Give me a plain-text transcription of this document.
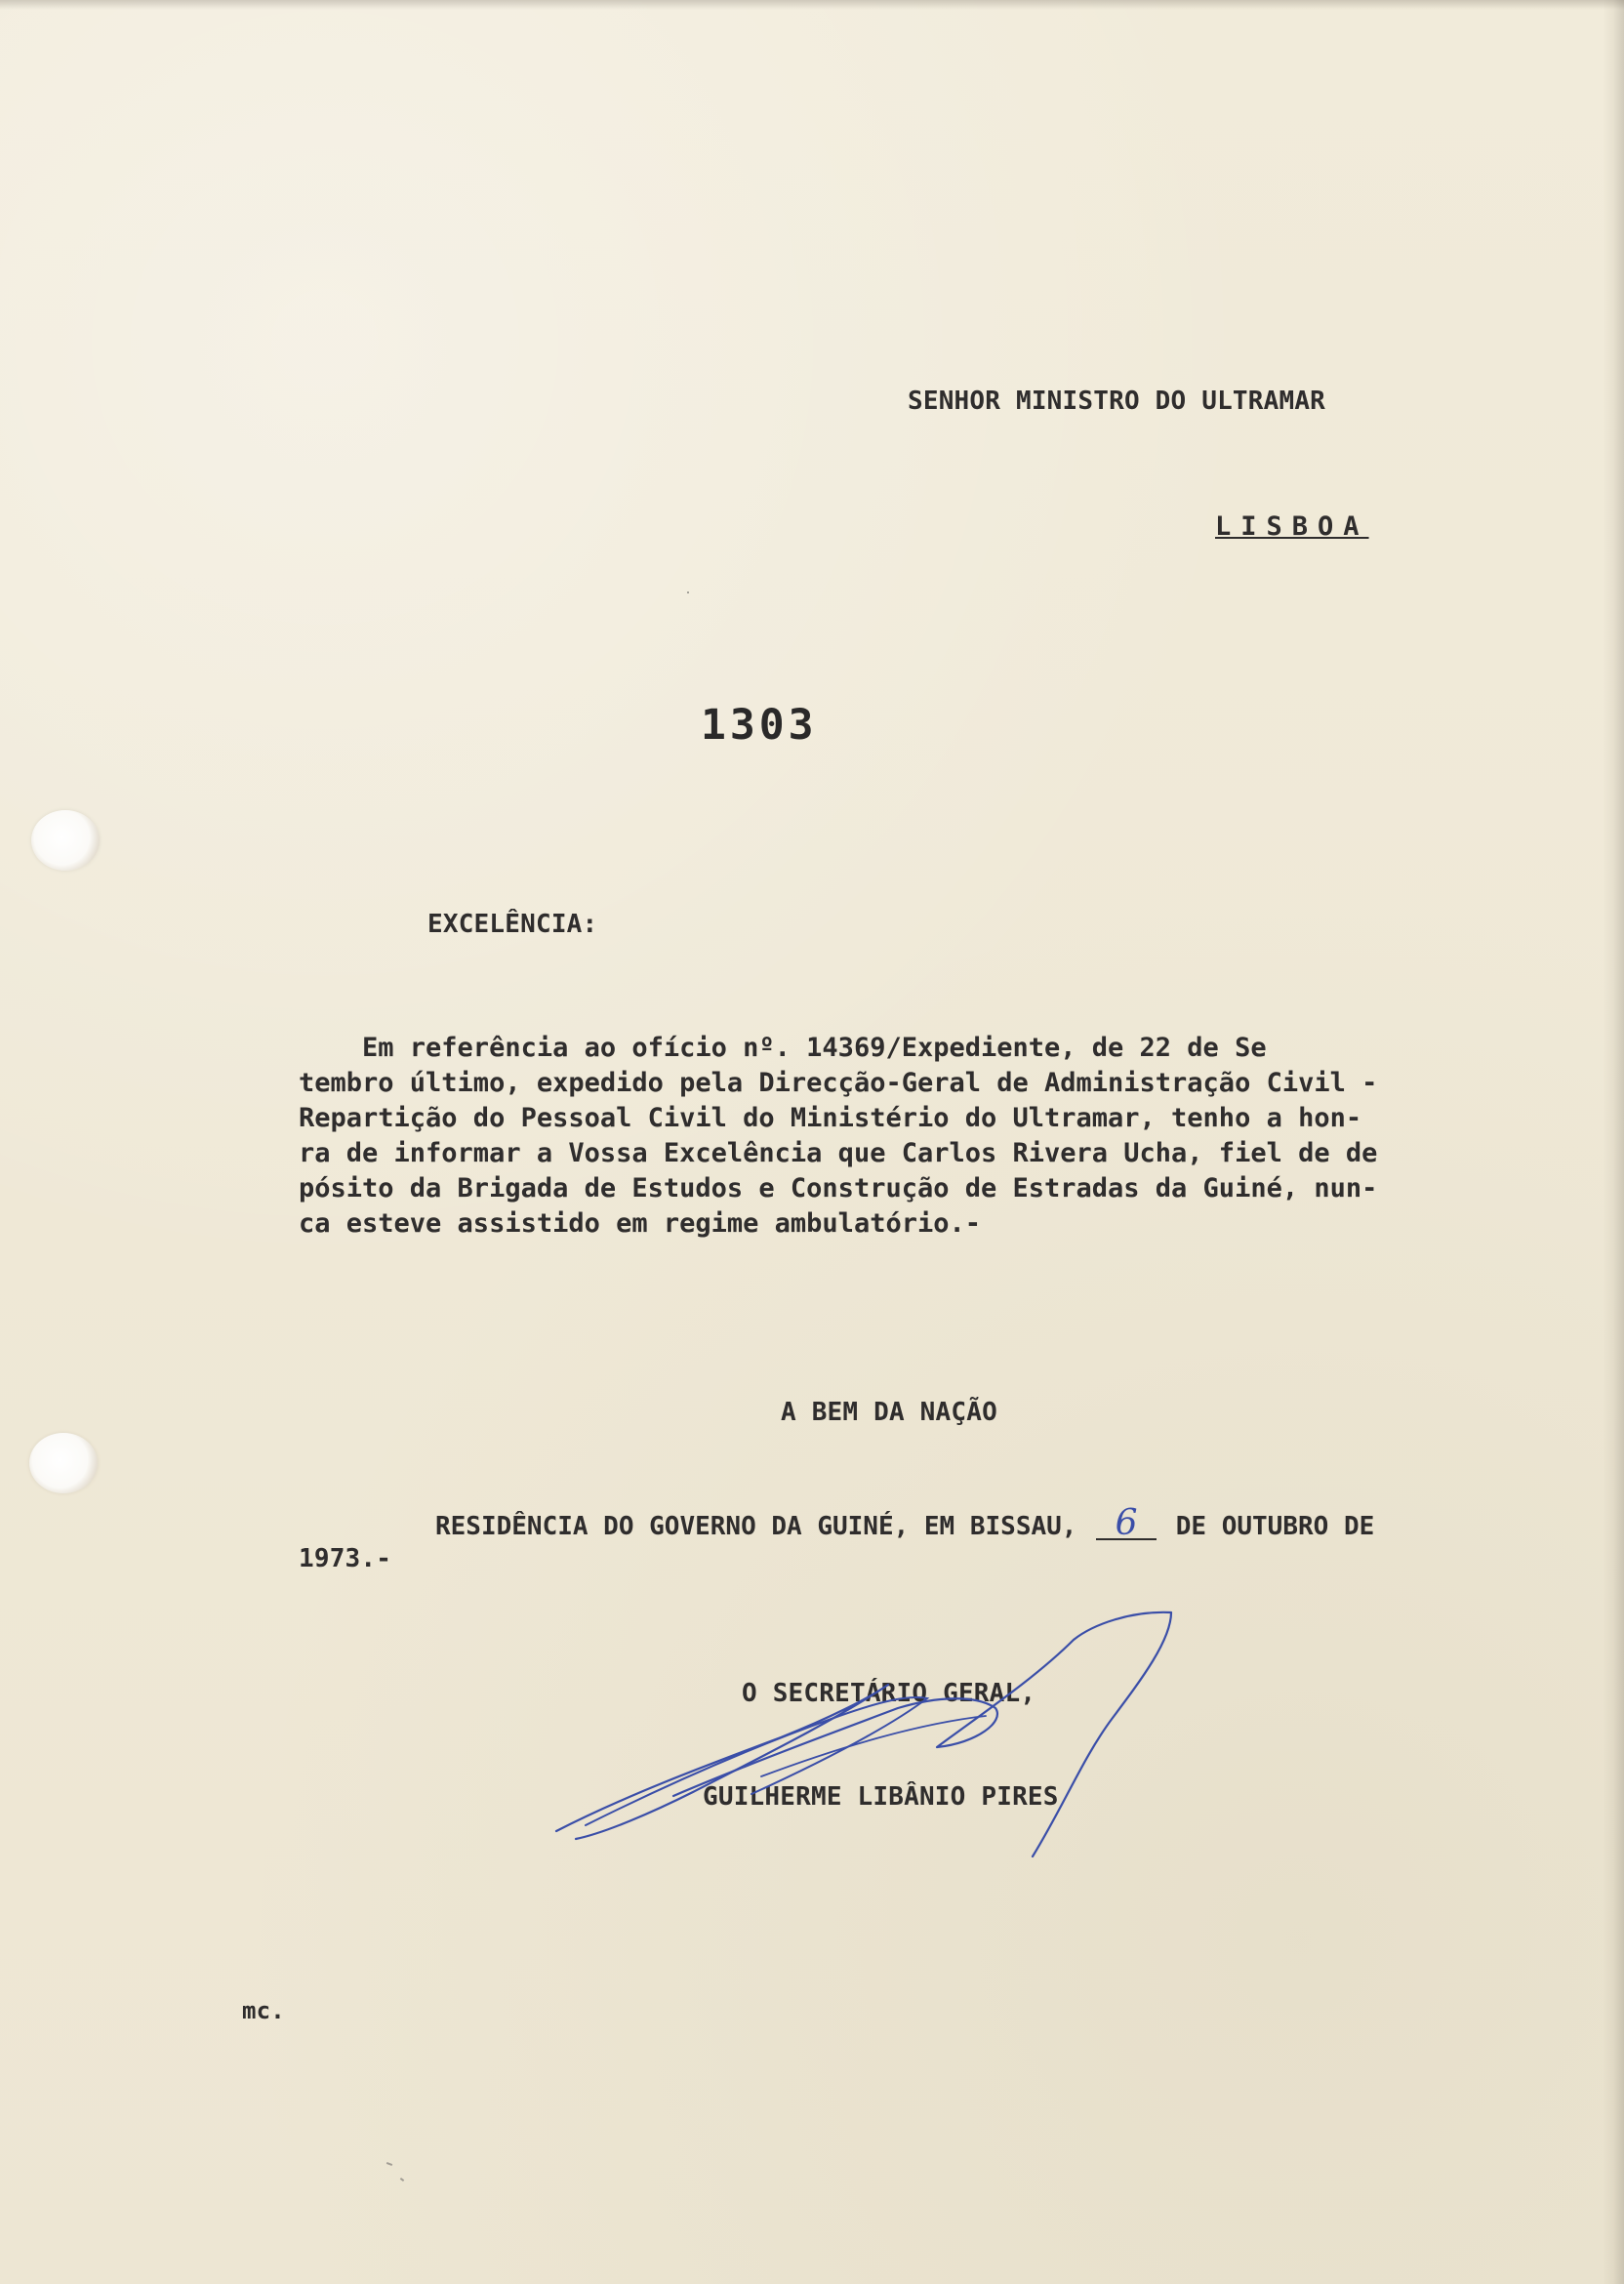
SENHOR MINISTRO DO ULTRAMAR
LISBOA
1303
EXCELÊNCIA:
Em referência ao ofício nº. 14369/Expediente, de 22 de Se
tembro último, expedido pela Direcção-Geral de Administração Civil -
Repartição do Pessoal Civil do Ministério do Ultramar, tenho a hon-
ra de informar a Vossa Excelência que Carlos Rivera Ucha, fiel de de
pósito da Brigada de Estudos e Construção de Estradas da Guiné, nun-
ca esteve assistido em regime ambulatório.-
A BEM DA NAÇÃO
RESIDÊNCIA DO GOVERNO DA GUINÉ, EM BISSAU, 6 DE OUTUBRO DE
1973.-
O SECRETÁRIO GERAL,
GUILHERME LIBÂNIO PIRES
mc.
